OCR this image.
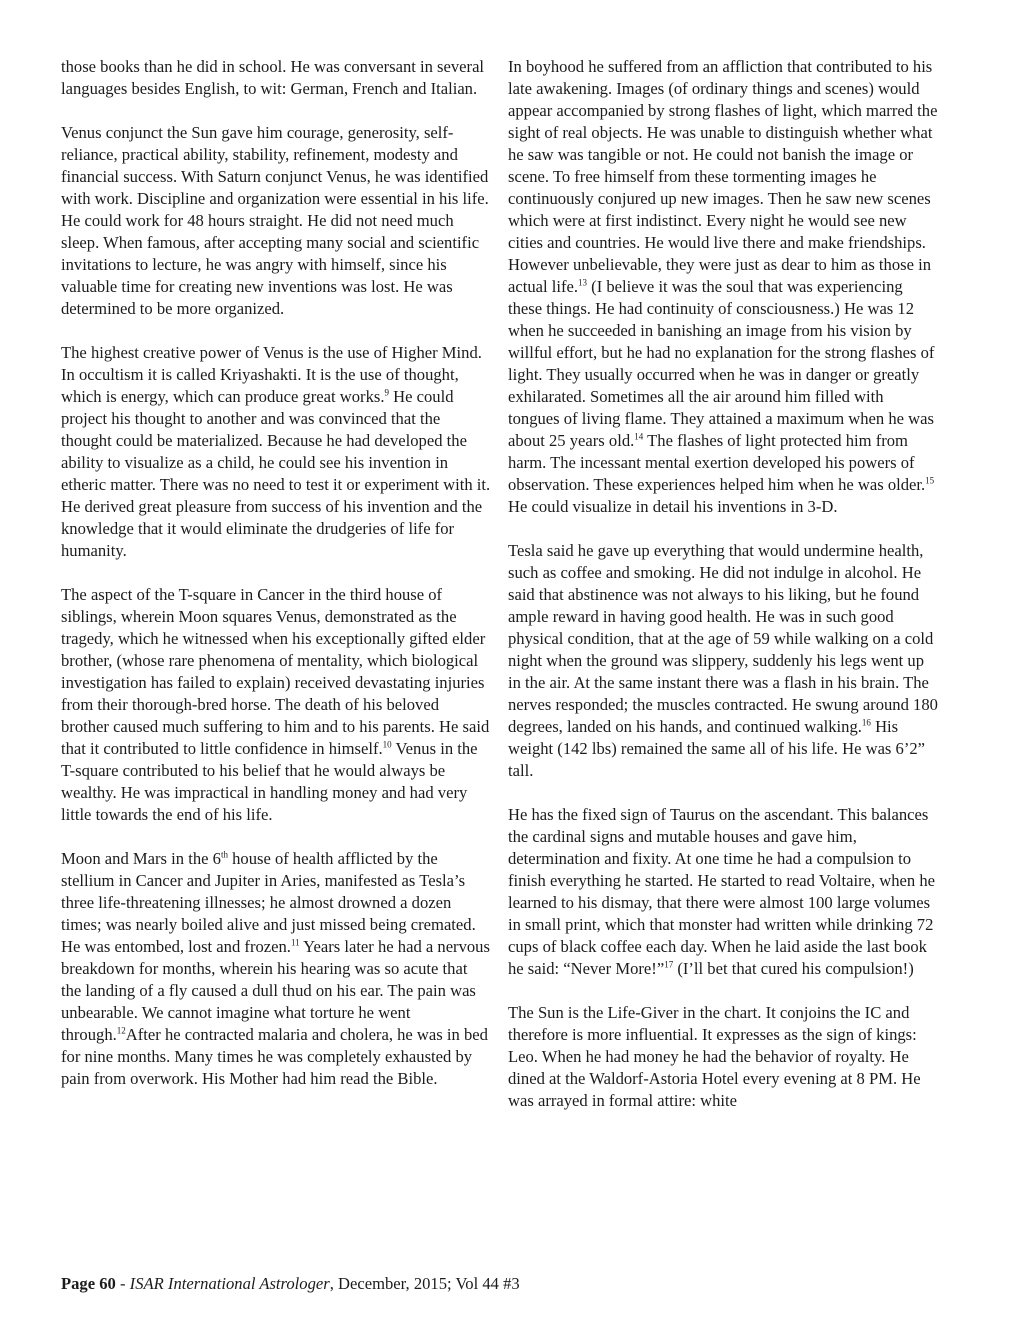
those books than he did in school. He was conversant in several languages besides English, to wit: German, French and Italian.

Venus conjunct the Sun gave him courage, generosity, self-reliance, practical ability, stability, refinement, modesty and financial success. With Saturn conjunct Venus, he was identified with work. Discipline and organization were essential in his life. He could work for 48 hours straight. He did not need much sleep. When famous, after accepting many social and scientific invitations to lecture, he was angry with himself, since his valuable time for creating new inventions was lost. He was determined to be more organized.

The highest creative power of Venus is the use of Higher Mind. In occultism it is called Kriyashakti. It is the use of thought, which is energy, which can produce great works.$^9$ He could project his thought to another and was convinced that the thought could be materialized. Because he had developed the ability to visualize as a child, he could see his invention in etheric matter. There was no need to test it or experiment with it. He derived great pleasure from success of his invention and the knowledge that it would eliminate the drudgeries of life for humanity.

The aspect of the T-square in Cancer in the third house of siblings, wherein Moon squares Venus, demonstrated as the tragedy, which he witnessed when his exceptionally gifted elder brother, (whose rare phenomena of mentality, which biological investigation has failed to explain) received devastating injuries from their thorough-bred horse. The death of his beloved brother caused much suffering to him and to his parents. He said that it contributed to little confidence in himself.$^{10}$ Venus in the T-square contributed to his belief that he would always be wealthy. He was impractical in handling money and had very little towards the end of his life.

Moon and Mars in the 6th house of health afflicted by the stellium in Cancer and Jupiter in Aries, manifested as Tesla’s three life-threatening illnesses; he almost drowned a dozen times; was nearly boiled alive and just missed being cremated. He was entombed, lost and frozen.$^{11}$ Years later he had a nervous breakdown for months, wherein his hearing was so acute that the landing of a fly caused a dull thud on his ear. The pain was unbearable. We cannot imagine what torture he went through.$^{12}$After he contracted malaria and cholera, he was in bed for nine months. Many times he was completely exhausted by pain from overwork. His Mother had him read the Bible.

In boyhood he suffered from an affliction that contributed to his late awakening. Images (of ordinary things and scenes) would appear accompanied by strong flashes of light, which marred the sight of real objects. He was unable to distinguish whether what he saw was tangible or not. He could not banish the image or scene. To free himself from these tormenting images he continuously conjured up new images. Then he saw new scenes which were at first indistinct. Every night he would see new cities and countries. He would live there and make friendships. However unbelievable, they were just as dear to him as those in actual life.$^{13}$ (I believe it was the soul that was experiencing these things. He had continuity of consciousness.) He was 12 when he succeeded in banishing an image from his vision by willful effort, but he had no explanation for the strong flashes of light. They usually occurred when he was in danger or greatly exhilarated. Sometimes all the air around him filled with tongues of living flame. They attained a maximum when he was about 25 years old.$^{14}$ The flashes of light protected him from harm. The incessant mental exertion developed his powers of observation. These experiences helped him when he was older.$^{15}$ He could visualize in detail his inventions in 3-D.

Tesla said he gave up everything that would undermine health, such as coffee and smoking. He did not indulge in alcohol. He said that abstinence was not always to his liking, but he found ample reward in having good health. He was in such good physical condition, that at the age of 59 while walking on a cold night when the ground was slippery, suddenly his legs went up in the air. At the same instant there was a flash in his brain. The nerves responded; the muscles contracted. He swung around 180 degrees, landed on his hands, and continued walking.$^{16}$ His weight (142 lbs) remained the same all of his life. He was 6’2” tall.

He has the fixed sign of Taurus on the ascendant. This balances the cardinal signs and mutable houses and gave him, determination and fixity. At one time he had a compulsion to finish everything he started. He started to read Voltaire, when he learned to his dismay, that there were almost 100 large volumes in small print, which that monster had written while drinking 72 cups of black coffee each day. When he laid aside the last book he said: “Never More!”$^{17}$ (I’ll bet that cured his compulsion!)

The Sun is the Life-Giver in the chart. It conjoins the IC and therefore is more influential. It expresses as the sign of kings: Leo. When he had money he had the behavior of royalty. He dined at the Waldorf-Astoria Hotel every evening at 8 PM. He was arrayed in formal attire: white

Page 60 - ISAR International Astrologer, December, 2015; Vol 44 #3
